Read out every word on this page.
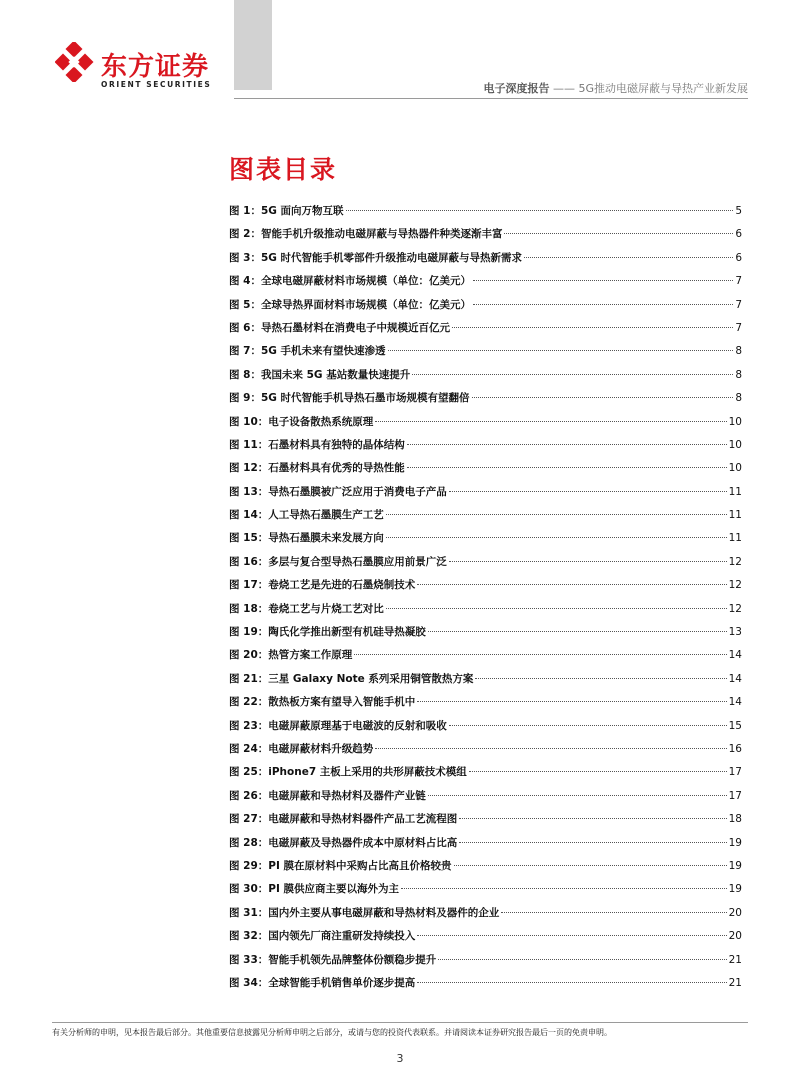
东方证券
ORIENT SECURITIES	电子深度报告 —— 5G推动电磁屏蔽与导热产业新发展
图表目录
图 1：5G 面向万物互联	5
图 2：智能手机升级推动电磁屏蔽与导热器件种类逐渐丰富	6
图 3：5G 时代智能手机零部件升级推动电磁屏蔽与导热新需求	6
图 4：全球电磁屏蔽材料市场规模（单位：亿美元）	7
图 5：全球导热界面材料市场规模（单位：亿美元）	7
图 6：导热石墨材料在消费电子中规模近百亿元	7
图 7：5G 手机未来有望快速渗透	8
图 8：我国未来 5G 基站数量快速提升	8
图 9：5G 时代智能手机导热石墨市场规模有望翻倍	8
图 10：电子设备散热系统原理	10
图 11：石墨材料具有独特的晶体结构	10
图 12：石墨材料具有优秀的导热性能	10
图 13：导热石墨膜被广泛应用于消费电子产品	11
图 14：人工导热石墨膜生产工艺	11
图 15：导热石墨膜未来发展方向	11
图 16：多层与复合型导热石墨膜应用前景广泛	12
图 17：卷烧工艺是先进的石墨烧制技术	12
图 18：卷烧工艺与片烧工艺对比	12
图 19：陶氏化学推出新型有机硅导热凝胶	13
图 20：热管方案工作原理	14
图 21：三星 Galaxy Note 系列采用铜管散热方案	14
图 22：散热板方案有望导入智能手机中	14
图 23：电磁屏蔽原理基于电磁波的反射和吸收	15
图 24：电磁屏蔽材料升级趋势	16
图 25：iPhone7 主板上采用的共形屏蔽技术模组	17
图 26：电磁屏蔽和导热材料及器件产业链	17
图 27：电磁屏蔽和导热材料器件产品工艺流程图	18
图 28：电磁屏蔽及导热器件成本中原材料占比高	19
图 29：PI 膜在原材料中采购占比高且价格较贵	19
图 30：PI 膜供应商主要以海外为主	19
图 31：国内外主要从事电磁屏蔽和导热材料及器件的企业	20
图 32：国内领先厂商注重研发持续投入	20
图 33：智能手机领先品牌整体份额稳步提升	21
图 34：全球智能手机销售单价逐步提高	21
有关分析师的申明，见本报告最后部分。其他重要信息披露见分析师申明之后部分，或请与您的投资代表联系。并请阅读本证券研究报告最后一页的免责申明。
3
